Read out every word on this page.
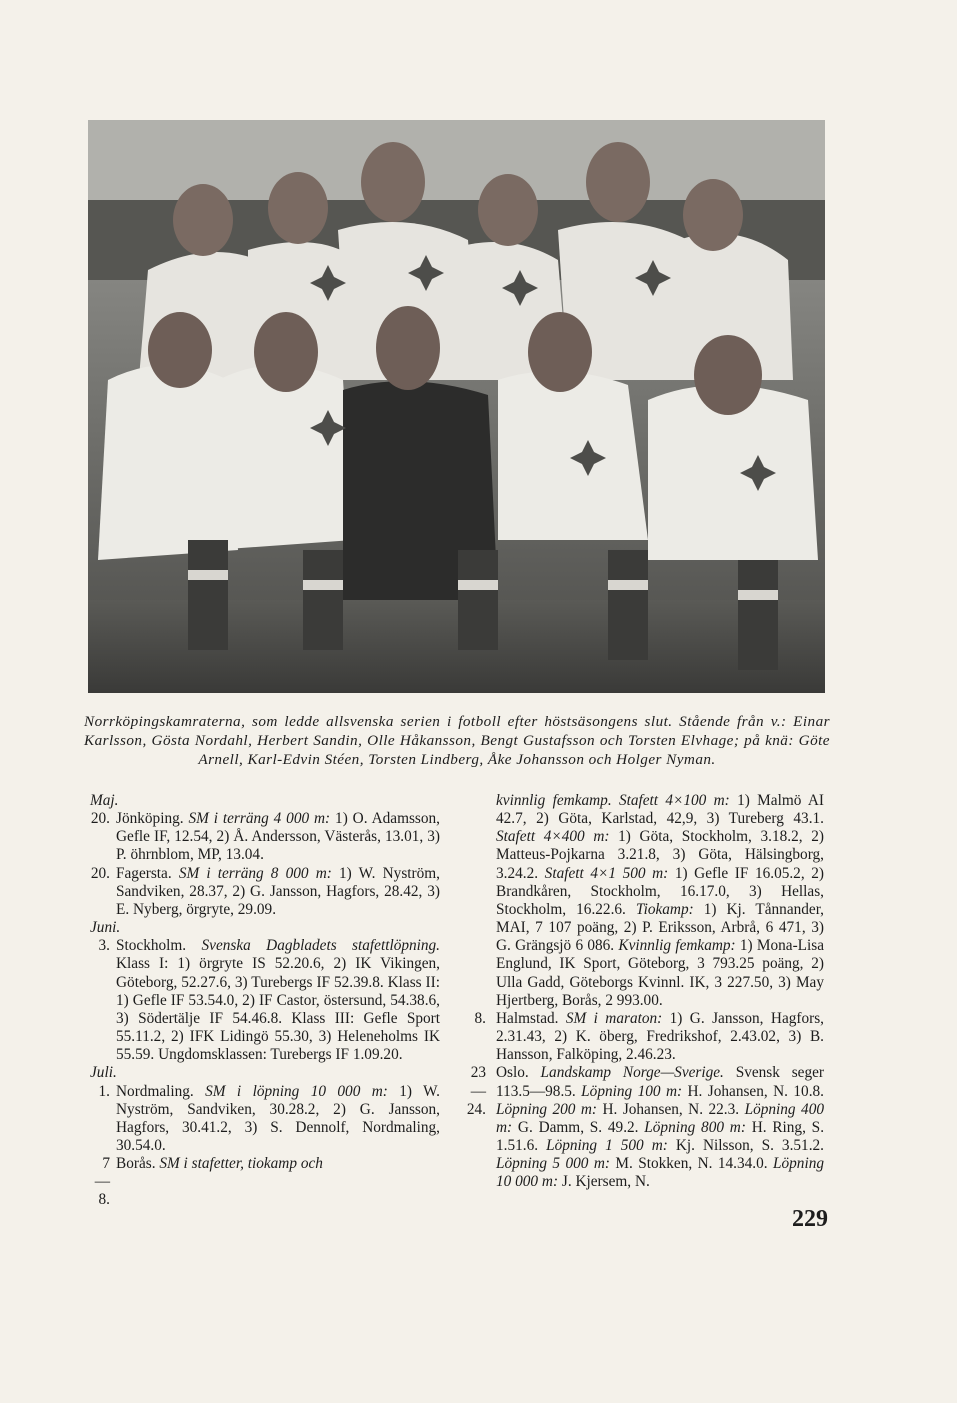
Norrköpingskamraterna, som ledde allsvenska serien i fotboll efter höstsäsongens slut. Stående från v.: Einar Karlsson, Gösta Nordahl, Herbert Sandin, Olle Håkansson, Bengt Gustafsson och Torsten Elvhage; på knä: Göte Arnell, Karl-Edvin Stéen, Torsten Lindberg, Åke Johansson och Holger Nyman.
Maj.
20. Jönköping. SM i terräng 4 000 m: 1) O. Adamsson, Gefle IF, 12.54, 2) Å. Andersson, Västerås, 13.01, 3) P. öhrnblom, MP, 13.04.
20. Fagersta. SM i terräng 8 000 m: 1) W. Nyström, Sandviken, 28.37, 2) G. Jansson, Hagfors, 28.42, 3) E. Nyberg, örgryte, 29.09.
Juni.
3. Stockholm. Svenska Dagbladets stafettlöpning. Klass I: 1) örgryte IS 52.20.6, 2) IK Vikingen, Göteborg, 52.27.6, 3) Turebergs IF 52.39.8. Klass II: 1) Gefle IF 53.54.0, 2) IF Castor, östersund, 54.38.6, 3) Södertälje IF 54.46.8. Klass III: Gefle Sport 55.11.2, 2) IFK Lidingö 55.30, 3) Heleneholms IK 55.59. Ungdomsklassen: Turebergs IF 1.09.20.
Juli.
1. Nordmaling. SM i löpning 10 000 m: 1) W. Nyström, Sandviken, 30.28.2, 2) G. Jansson, Hagfors, 30.41.2, 3) S. Dennolf, Nordmaling, 30.54.0.
7—8.
Borås. SM i stafetter, tiokamp och
kvinnlig femkamp. Stafett 4×100 m: 1) Malmö AI 42.7, 2) Göta, Karlstad, 42,9, 3) Tureberg 43.1. Stafett 4×400 m: 1) Göta, Stockholm, 3.18.2, 2) Matteus-Pojkarna 3.21.8, 3) Göta, Hälsingborg, 3.24.2. Stafett 4×1 500 m: 1) Gefle IF 16.05.2, 2) Brandkåren, Stockholm, 16.17.0, 3) Hellas, Stockholm, 16.22.6. Tiokamp: 1) Kj. Tånnander, MAI, 7 107 poäng, 2) P. Eriksson, Arbrå, 6 471, 3) G. Grängsjö 6 086. Kvinnlig femkamp: 1) Mona-Lisa Englund, IK Sport, Göteborg, 3 793.25 poäng, 2) Ulla Gadd, Göteborgs Kvinnl. IK, 3 227.50, 3) May Hjertberg, Borås, 2 993.00.
8. Halmstad. SM i maraton: 1) G. Jansson, Hagfors, 2.31.43, 2) K. öberg, Fredrikshof, 2.43.02, 3) B. Hansson, Falköping, 2.46.23.
23—24.
Oslo. Landskamp Norge—Sverige. Svensk seger 113.5—98.5. Löpning 100 m: H. Johansen, N. 10.8. Löpning 200 m: H. Johansen, N. 22.3. Löpning 400 m: G. Damm, S. 49.2. Löpning 800 m: H. Ring, S. 1.51.6. Löpning 1 500 m: Kj. Nilsson, S. 3.51.2. Löpning 5 000 m: M. Stokken, N. 14.34.0. Löpning 10 000 m: J. Kjersem, N.
229
